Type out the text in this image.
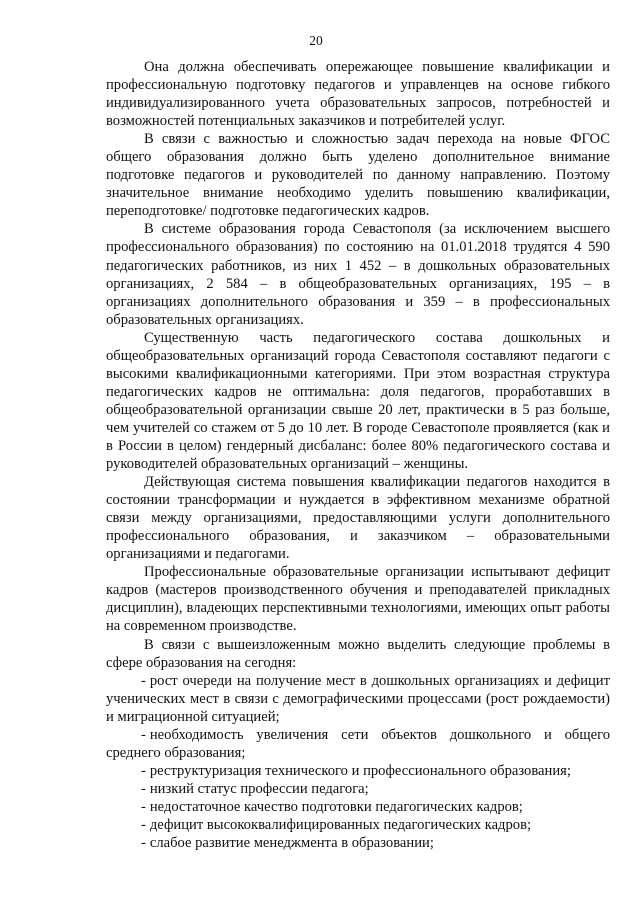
20

Она должна обеспечивать опережающее повышение квалификации и профессиональную подготовку педагогов и управленцев на основе гибкого индивидуализированного учета образовательных запросов, потребностей и возможностей потенциальных заказчиков и потребителей услуг.

В связи с важностью и сложностью задач перехода на новые ФГОС общего образования должно быть уделено дополнительное внимание подготовке педагогов и руководителей по данному направлению. Поэтому значительное внимание необходимо уделить повышению квалификации, переподготовке/ подготовке педагогических кадров.

В системе образования города Севастополя (за исключением высшего профессионального образования) по состоянию на 01.01.2018 трудятся 4 590 педагогических работников, из них 1 452 – в дошкольных образовательных организациях, 2 584 – в общеобразовательных организациях, 195 – в организациях дополнительного образования и 359 – в профессиональных образовательных организациях.

Существенную часть педагогического состава дошкольных и общеобразовательных организаций города Севастополя составляют педагоги с высокими квалификационными категориями. При этом возрастная структура педагогических кадров не оптимальна: доля педагогов, проработавших в общеобразовательной организации свыше 20 лет, практически в 5 раз больше, чем учителей со стажем от 5 до 10 лет. В городе Севастополе проявляется (как и в России в целом) гендерный дисбаланс: более 80% педагогического состава и руководителей образовательных организаций – женщины.

Действующая система повышения квалификации педагогов находится в состоянии трансформации и нуждается в эффективном механизме обратной связи между организациями, предоставляющими услуги дополнительного профессионального образования, и заказчиком – образовательными организациями и педагогами.

Профессиональные образовательные организации испытывают дефицит кадров (мастеров производственного обучения и преподавателей прикладных дисциплин), владеющих перспективными технологиями, имеющих опыт работы на современном производстве.

В связи с вышеизложенным можно выделить следующие проблемы в сфере образования на сегодня:

- рост очереди на получение мест в дошкольных организациях и дефицит ученических мест в связи с демографическими процессами (рост рождаемости) и миграционной ситуацией;

- необходимость увеличения сети объектов дошкольного и общего среднего образования;

- реструктуризация технического и профессионального образования;

- низкий статус профессии педагога;

- недостаточное качество подготовки педагогических кадров;

- дефицит высококвалифицированных педагогических кадров;

- слабое развитие менеджмента в образовании;
